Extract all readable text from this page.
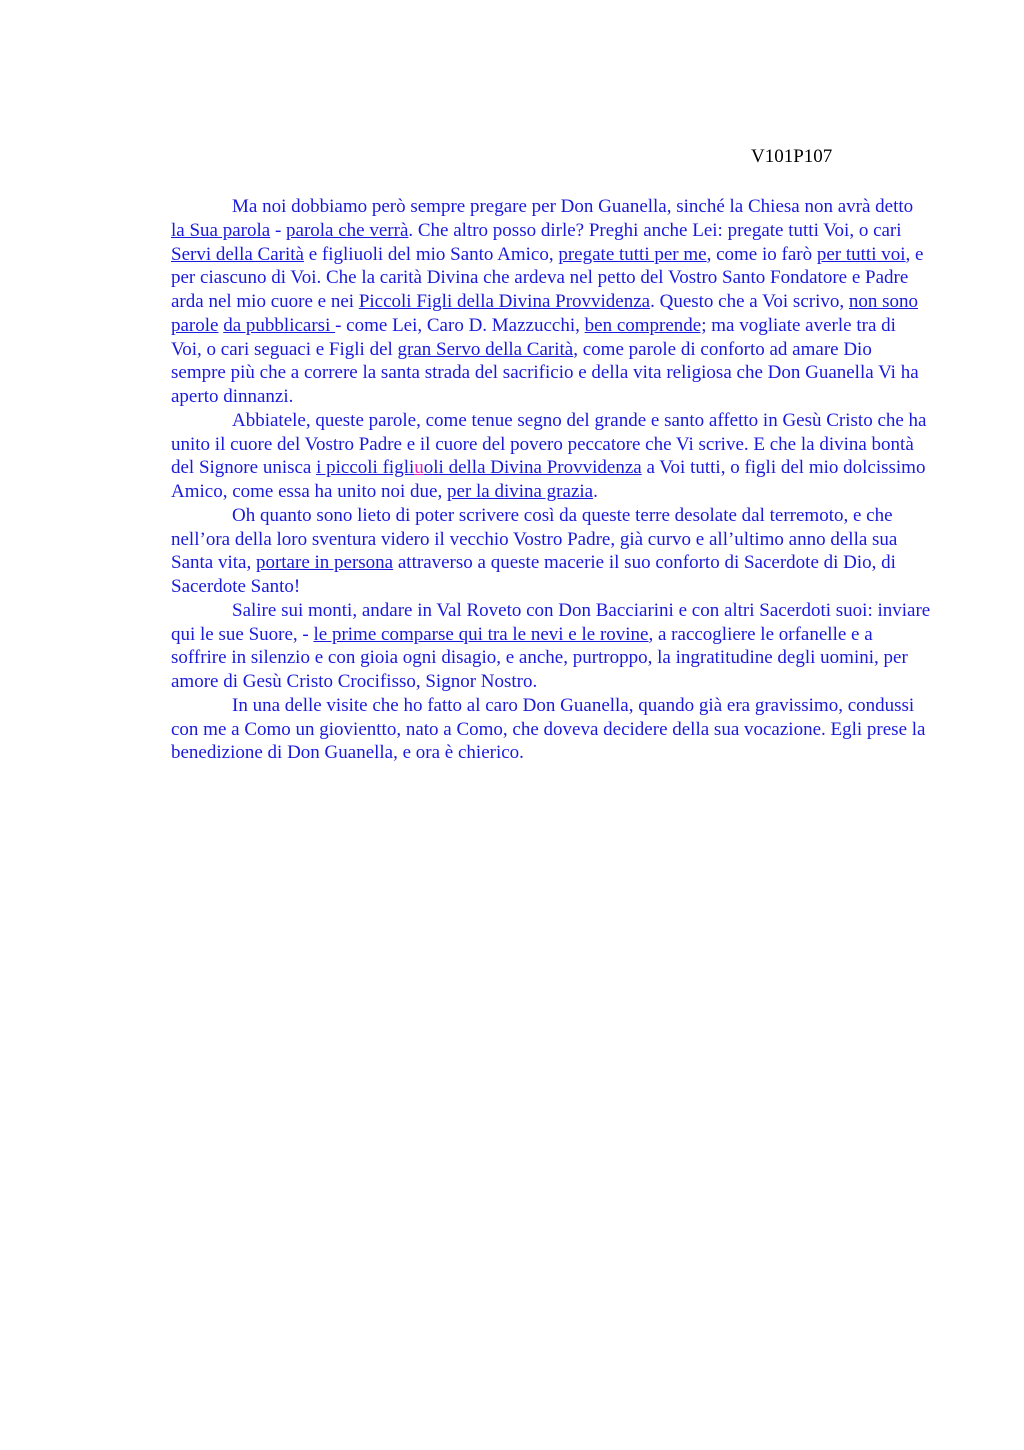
V101P107

Ma noi dobbiamo però sempre pregare per Don Guanella, sinché la Chiesa non avrà detto la Sua parola - parola che verrà. Che altro posso dirle? Preghi anche Lei: pregate tutti Voi, o cari Servi della Carità e figliuoli del mio Santo Amico, pregate tutti per me, come io farò per tutti voi, e per ciascuno di Voi. Che la carità Divina che ardeva nel petto del Vostro Santo Fondatore e Padre arda nel mio cuore e nei Piccoli Figli della Divina Provvidenza. Questo che a Voi scrivo, non sono parole da pubblicarsi - come Lei, Caro D. Mazzucchi, ben comprende; ma vogliate averle tra di Voi, o cari seguaci e Figli del gran Servo della Carità, come parole di conforto ad amare Dio sempre più che a correre la santa strada del sacrificio e della vita religiosa che Don Guanella Vi ha aperto dinnanzi.

Abbiatele, queste parole, come tenue segno del grande e santo affetto in Gesù Cristo che ha unito il cuore del Vostro Padre e il cuore del povero peccatore che Vi scrive. E che la divina bontà del Signore unisca i piccoli figliuoli della Divina Provvidenza a Voi tutti, o figli del mio dolcissimo Amico, come essa ha unito noi due, per la divina grazia.

Oh quanto sono lieto di poter scrivere così da queste terre desolate dal terremoto, e che nell’ora della loro sventura videro il vecchio Vostro Padre, già curvo e all’ultimo anno della sua Santa vita, portare in persona attraverso a queste macerie il suo conforto di Sacerdote di Dio, di Sacerdote Santo!

Salire sui monti, andare in Val Roveto con Don Bacciarini e con altri Sacerdoti suoi: inviare qui le sue Suore, - le prime comparse qui tra le nevi e le rovine, a raccogliere le orfanelle e a soffrire in silenzio e con gioia ogni disagio, e anche, purtroppo, la ingratitudine degli uomini, per amore di Gesù Cristo Crocifisso, Signor Nostro.

In una delle visite che ho fatto al caro Don Guanella, quando già era gravissimo, condussi con me a Como un giovientto, nato a Como, che doveva decidere della sua vocazione. Egli prese la benedizione di Don Guanella, e ora è chierico.
